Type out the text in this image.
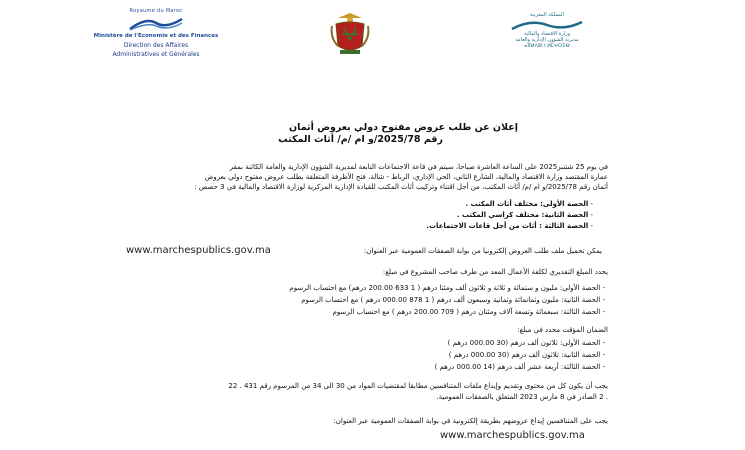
Royaume du Maroc
Ministère de l'Economie et des Finances
Direction des Affaires
Administratives et Générales
المملكة المغربية
وزارة الاقتصاد والمالية
مديرية الشؤون الإدارية والعامة
ⴰⴳⵍⴷⵓⵏ ⵏ ⵍⵎⵖⵔⵉⴱ
إعلان عن طلب عروض مفتوح دولي بعروض أثمان
رقم 2025/78/و ام /م/ أثاث المكتب
في يوم 25 شتنبر2025 على الساعة العاشرة صباحا، سيتم في قاعة الاجتماعات التابعة لمديرية الشؤون الإدارية والعامة الكائنة بمقر
عمارة المقتصد وزارة الاقتصاد والمالية، الشارع الثاني، الحي الإداري، الرباط - شالة، فتح الأظرفة المتعلقة بطلب عروض مفتوح دولي بعروض
أثمان رقم 2025/78/و ام /م/ أثاث المكتب، من أجل اقتناء وتركيب أثاث المكتب للقيادة الإدارية المركزية لوزارة الاقتصاد والمالية في 3 حصص :
- الحصة الأولى: مختلف أثاث المكتب .
- الحصة الثانية: مختلف كراسي المكتب .
- الحصة الثالثة : أثاث من أجل قاعات الاجتماعات.
يمكن تحميل ملف طلب العروض إلكترونيا من بوابة الصفقات العمومية عبر العنوان:
www.marchespublics.gov.ma
يحدد المبلغ التقديري لكلفة الأعمال المعد من طرف صاحب المشروع في مبلغ:
- الحصة الأولى: مليون و ستمائة و ثلاثة و ثلاثون ألف ومئتا درهم ( 1 633 200.00 درهم) مع احتساب الرسوم
- الحصة الثانية: مليون وثمانمائة وثمانية وسبعون ألف درهم ( 1 878 000.00 درهم ) مع احتساب الرسوم
- الحصة الثالثة: سبعمائة وتسعة آلاف ومئتان درهم ( 709 200.00 درهم ) مع احتساب الرسوم
الضمان المؤقت محدد في مبلغ:
- الحصة الأولى: ثلاثون ألف درهم (30 000.00 درهم )
- الحصة الثانية: ثلاثون ألف درهم (30 000.00 درهم )
- الحصة الثالثة: أربعة عشر ألف درهم (14 000.00 درهم )
يجب أن يكون كل من محتوى وتقديم وإيداع ملفات المتنافسين مطابقا لمقتضيات المواد من 30 الى 34 من المرسوم رقم 431 . 22
. 2 الصادر في 8 مارس 2023 المتعلق بالصفقات العمومية.
يجب على المتنافسين إيداع عروضهم بطريقة إلكترونية في بوابة الصفقات العمومية عبر العنوان:
www.marchespublics.gov.ma
